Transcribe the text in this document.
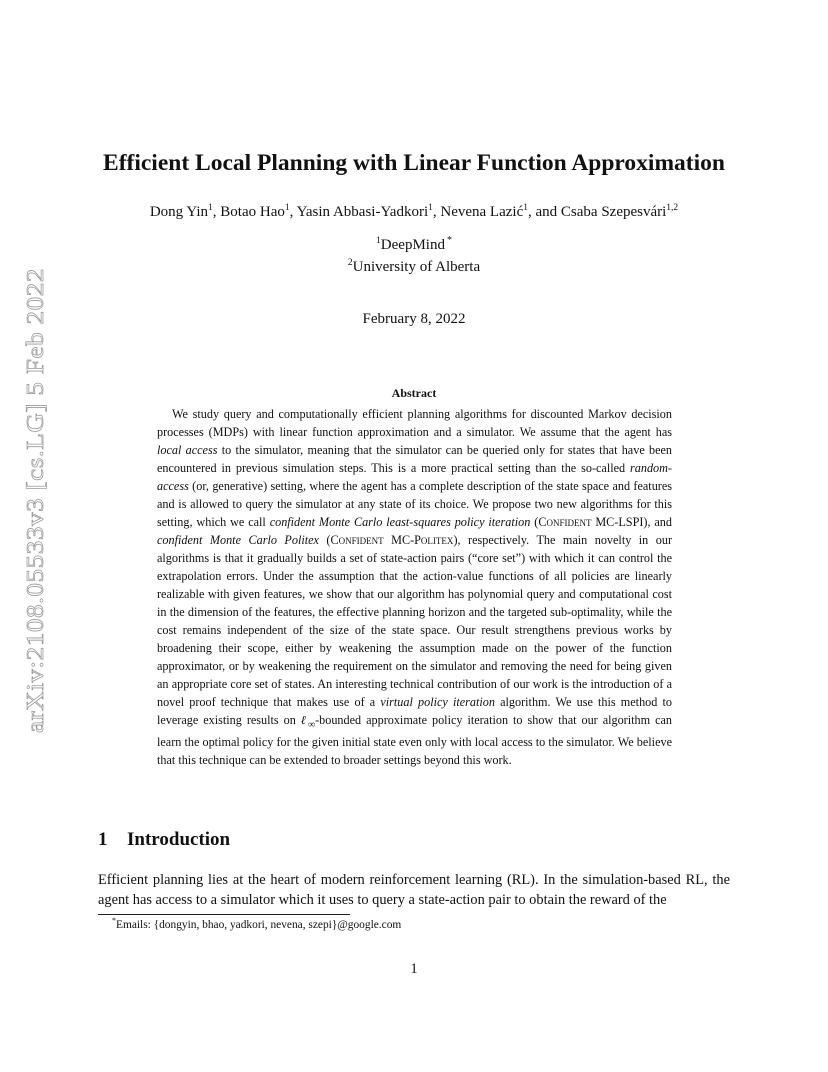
arXiv:2108.05533v3 [cs.LG] 5 Feb 2022
Efficient Local Planning with Linear Function Approximation
Dong Yin$^1$, Botao Hao$^1$, Yasin Abbasi-Yadkori$^1$, Nevena Lazić$^1$, and Csaba Szepesvári$^{1,2}$
$^1$DeepMind *
$^2$University of Alberta
February 8, 2022
Abstract

We study query and computationally efficient planning algorithms for discounted Markov decision processes (MDPs) with linear function approximation and a simulator. We assume that the agent has local access to the simulator, meaning that the simulator can be queried only for states that have been encountered in previous simulation steps. This is a more practical setting than the so-called random-access (or, generative) setting, where the agent has a complete description of the state space and features and is allowed to query the simulator at any state of its choice. We propose two new algorithms for this setting, which we call confident Monte Carlo least-squares policy iteration (Confident MC-LSPI), and confident Monte Carlo Politex (Confident MC-Politex), respectively. The main novelty in our algorithms is that it gradually builds a set of state-action pairs (“core set”) with which it can control the extrapolation errors. Under the assumption that the action-value functions of all policies are linearly realizable with given features, we show that our algorithm has polynomial query and computational cost in the dimension of the features, the effective planning horizon and the targeted sub-optimality, while the cost remains independent of the size of the state space. Our result strengthens previous works by broadening their scope, either by weakening the assumption made on the power of the function approximator, or by weakening the requirement on the simulator and removing the need for being given an appropriate core set of states. An interesting technical contribution of our work is the introduction of a novel proof technique that makes use of a virtual policy iteration algorithm. We use this method to leverage existing results on ℓ$_\infty$-bounded approximate policy iteration to show that our algorithm can learn the optimal policy for the given initial state even only with local access to the simulator. We believe that this technique can be extended to broader settings beyond this work.

1 Introduction

Efficient planning lies at the heart of modern reinforcement learning (RL). In the simulation-based RL, the agent has access to a simulator which it uses to query a state-action pair to obtain the reward of the

*Emails: {dongyin, bhao, yadkori, nevena, szepi}@google.com
1
